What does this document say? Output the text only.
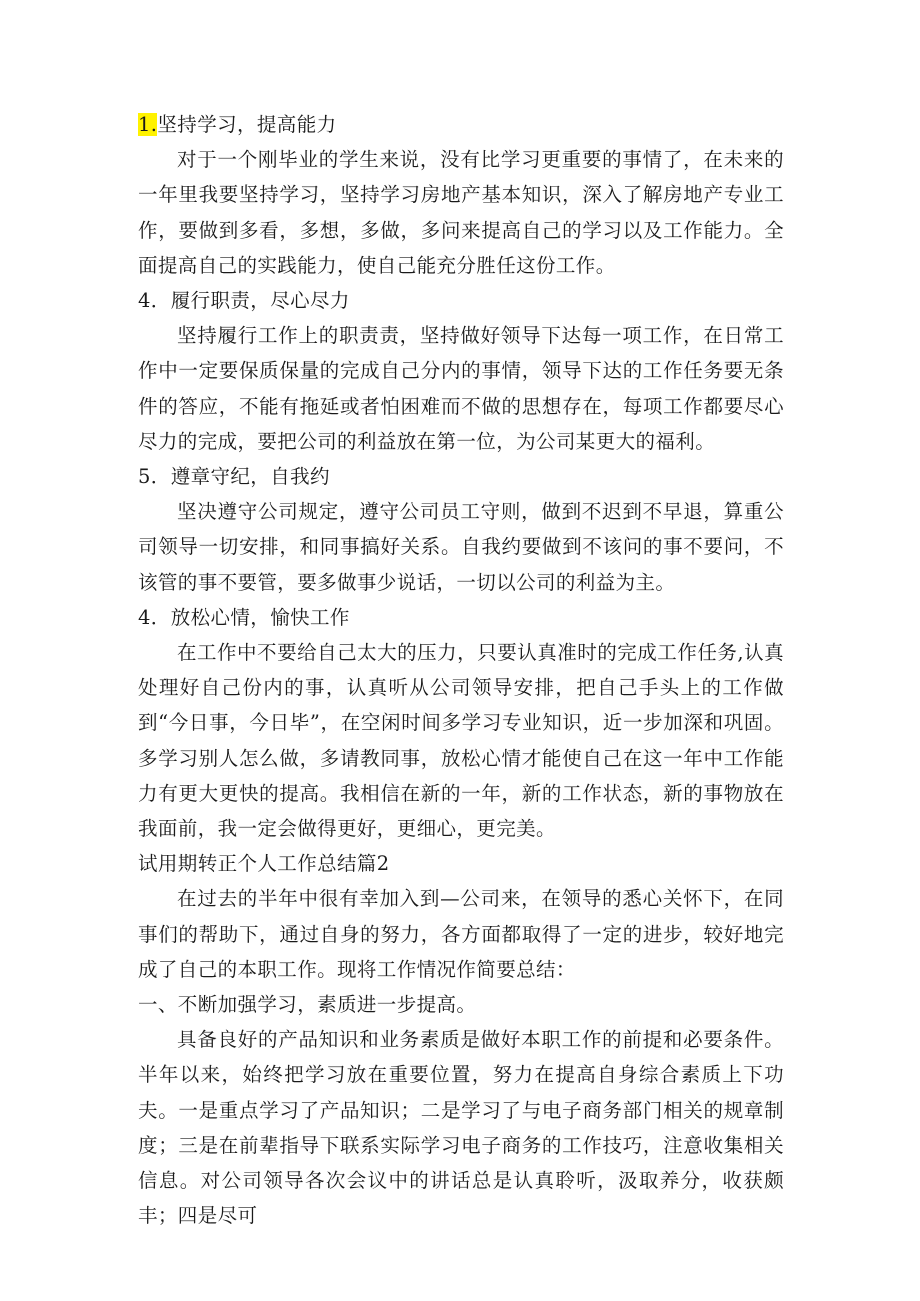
1.坚持学习，提高能力

对于一个刚毕业的学生来说，没有比学习更重要的事情了，在未来的一年里我要坚持学习，坚持学习房地产基本知识，深入了解房地产专业工作，要做到多看，多想，多做，多问来提高自己的学习以及工作能力。全面提高自己的实践能力，使自己能充分胜任这份工作。

4．履行职责，尽心尽力

坚持履行工作上的职责责，坚持做好领导下达每一项工作，在日常工作中一定要保质保量的完成自己分内的事情，领导下达的工作任务要无条件的答应，不能有拖延或者怕困难而不做的思想存在，每项工作都要尽心尽力的完成，要把公司的利益放在第一位，为公司某更大的福利。

5．遵章守纪，自我约

坚决遵守公司规定，遵守公司员工守则，做到不迟到不早退，算重公司领导一切安排，和同事搞好关系。自我约要做到不该问的事不要问，不该管的事不要管，要多做事少说话，一切以公司的利益为主。

4．放松心情，愉快工作

在工作中不要给自己太大的压力，只要认真准时的完成工作任务,认真处理好自己份内的事，认真听从公司领导安排，把自己手头上的工作做到“今日事，今日毕”，在空闲时间多学习专业知识，近一步加深和巩固。多学习别人怎么做，多请教同事，放松心情才能使自己在这一年中工作能力有更大更快的提高。我相信在新的一年，新的工作状态，新的事物放在我面前，我一定会做得更好，更细心，更完美。

试用期转正个人工作总结篇2

在过去的半年中很有幸加入到—公司来，在领导的悉心关怀下，在同事们的帮助下，通过自身的努力，各方面都取得了一定的进步，较好地完成了自己的本职工作。现将工作情况作简要总结：

一、不断加强学习，素质进一步提高。

具备良好的产品知识和业务素质是做好本职工作的前提和必要条件。半年以来，始终把学习放在重要位置，努力在提高自身综合素质上下功夫。一是重点学习了产品知识；二是学习了与电子商务部门相关的规章制度；三是在前辈指导下联系实际学习电子商务的工作技巧，注意收集相关信息。对公司领导各次会议中的讲话总是认真聆听，汲取养分，收获颇丰；四是尽可
